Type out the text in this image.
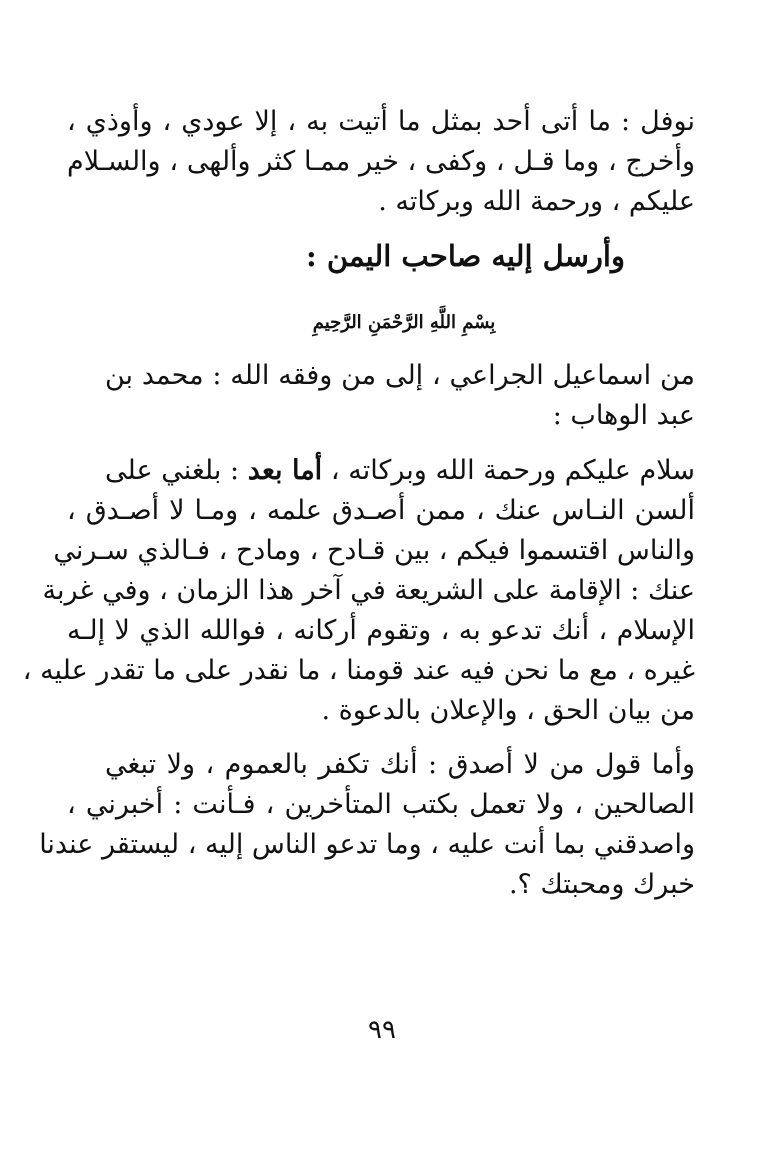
نوفل : ما أتى أحد بمثل ما أتيت به ، إلا عودي ، وأوذي ،
وأخرج ، وما قـل ، وكفى ، خير ممـا كثر وألهى ، والسـلام
عليكم ، ورحمة الله وبركاته .
وأرسل إليه صاحب اليمن :
بِسْمِ اللَّهِ الرَّحْمَنِ الرَّحِيمِ
من اسماعيل الجراعي ، إلى من وفقه الله : محمد بن
عبد الوهاب :
سلام عليكم ورحمة الله وبركاته ، أما بعد : بلغني على
ألسن النـاس عنك ، ممن أصـدق علمه ، ومـا لا أصـدق ،
والناس اقتسموا فيكم ، بين قـادح ، ومادح ، فـالذي سـرني
عنك : الإقامة على الشريعة في آخر هذا الزمان ، وفي غربة
الإسلام ، أنك تدعو به ، وتقوم أركانه ، فوالله الذي لا إلـه
غيره ، مع ما نحن فيه عند قومنا ، ما نقدر على ما تقدر عليه ،
من بيان الحق ، والإعلان بالدعوة .
وأما قول من لا أصدق : أنك تكفر بالعموم ، ولا تبغي
الصالحين ، ولا تعمل بكتب المتأخرين ، فـأنت : أخبرني ،
واصدقني بما أنت عليه ، وما تدعو الناس إليه ، ليستقر عندنا
خبرك ومحبتك ؟.
٩٩
